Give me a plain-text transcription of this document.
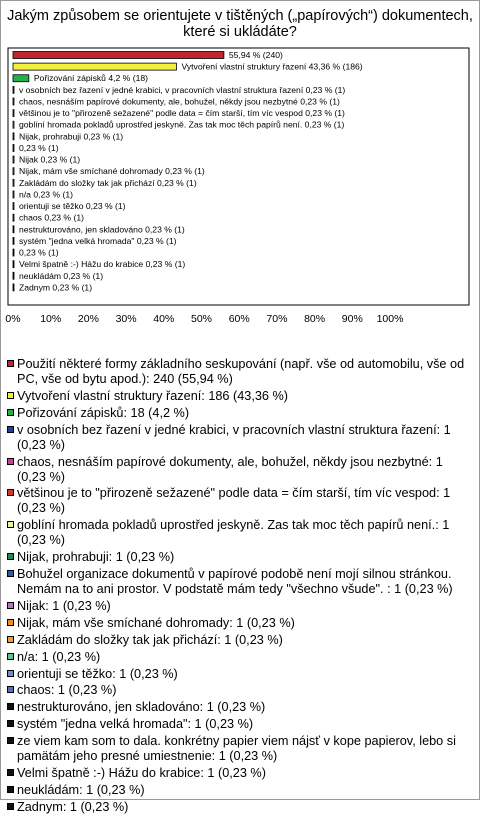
Jakým způsobem se orientujete v tištěných („papírových“) dokumentech, které si ukládáte?
55,94 % (240)
Vytvoření vlastní struktury řazení 43,36 % (186)
Pořizování zápisků 4,2 % (18)
v osobních bez řazení v jedné krabici, v pracovních vlastní struktura řazení 0,23 % (1)
chaos, nesnáším papírové dokumenty, ale, bohužel, někdy jsou nezbytné 0,23 % (1)
většinou je to "přirozeně sežazené" podle data = čím starší, tím víc vespod 0,23 % (1)
goblíní hromada pokladů uprostřed jeskyně. Zas tak moc těch papírů není. 0,23 % (1)
Nijak, prohrabuji 0,23 % (1)
0,23 % (1)
Nijak 0,23 % (1)
Nijak, mám vše smíchané dohromady 0,23 % (1)
Zakládám do složky tak jak přichází 0,23 % (1)
n/a 0,23 % (1)
orientuji se těžko 0,23 % (1)
chaos 0,23 % (1)
nestrukturováno, jen skladováno 0,23 % (1)
systém "jedna velká hromada" 0,23 % (1)
0,23 % (1)
Velmi špatně :-) Hážu do krabice 0,23 % (1)
neukládám 0,23 % (1)
Zadnym 0,23 % (1)
0% 10% 20% 30% 40% 50% 60% 70% 80% 90% 100%
Použití některé formy základního seskupování (např. vše od automobilu, vše od PC, vše od bytu apod.): 240 (55,94 %)
Vytvoření vlastní struktury řazení: 186 (43,36 %)
Pořizování zápisků: 18 (4,2 %)
v osobních bez řazení v jedné krabici, v pracovních vlastní struktura řazení: 1 (0,23 %)
chaos, nesnáším papírové dokumenty, ale, bohužel, někdy jsou nezbytné: 1 (0,23 %)
většinou je to "přirozeně sežazené" podle data = čím starší, tím víc vespod: 1 (0,23 %)
goblíní hromada pokladů uprostřed jeskyně. Zas tak moc těch papírů není.: 1 (0,23 %)
Nijak, prohrabuji: 1 (0,23 %)
Bohužel organizace dokumentů v papírové podobě není mojí silnou stránkou. Nemám na to ani prostor. V podstatě mám tedy "všechno všude". : 1 (0,23 %)
Nijak: 1 (0,23 %)
Nijak, mám vše smíchané dohromady: 1 (0,23 %)
Zakládám do složky tak jak přichází: 1 (0,23 %)
n/a: 1 (0,23 %)
orientuji se těžko: 1 (0,23 %)
chaos: 1 (0,23 %)
nestrukturováno, jen skladováno: 1 (0,23 %)
systém "jedna velká hromada": 1 (0,23 %)
ze viem kam som to dala. konkrétny papier viem nájsť v kope papierov, lebo si pamätám jeho presné umiestnenie: 1 (0,23 %)
Velmi špatně :-) Hážu do krabice: 1 (0,23 %)
neukládám: 1 (0,23 %)
Zadnym: 1 (0,23 %)
